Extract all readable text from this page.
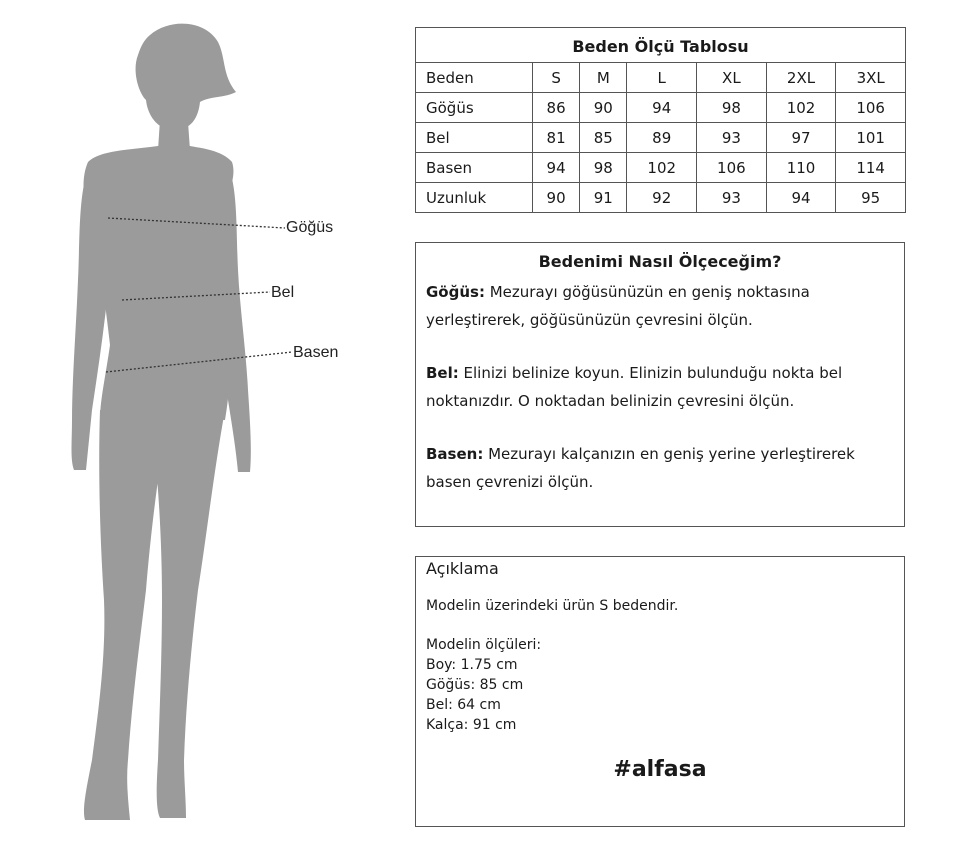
Göğüs
Bel
Basen
Beden Ölçü Tablosu
Beden	S	M	L	XL	2XL	3XL
Göğüs	86	90	94	98	102	106
Bel	81	85	89	93	97	101
Basen	94	98	102	106	110	114
Uzunluk	90	91	92	93	94	95
Bedenimi Nasıl Ölçeceğim?

Göğüs: Mezurayı göğüsünüzün en geniş noktasına yerleştirerek, göğüsünüzün çevresini ölçün.

Bel: Elinizi belinize koyun. Elinizin bulunduğu nokta bel noktanızdır. O noktadan belinizin çevresini ölçün.

Basen: Mezurayı kalçanızın en geniş yerine yerleştirerek basen çevrenizi ölçün.

Açıklama
Modelin üzerindeki ürün S bedendir.
Modelin ölçüleri:
Boy: 1.75 cm
Göğüs: 85 cm
Bel: 64 cm
Kalça: 91 cm
#alfasa
